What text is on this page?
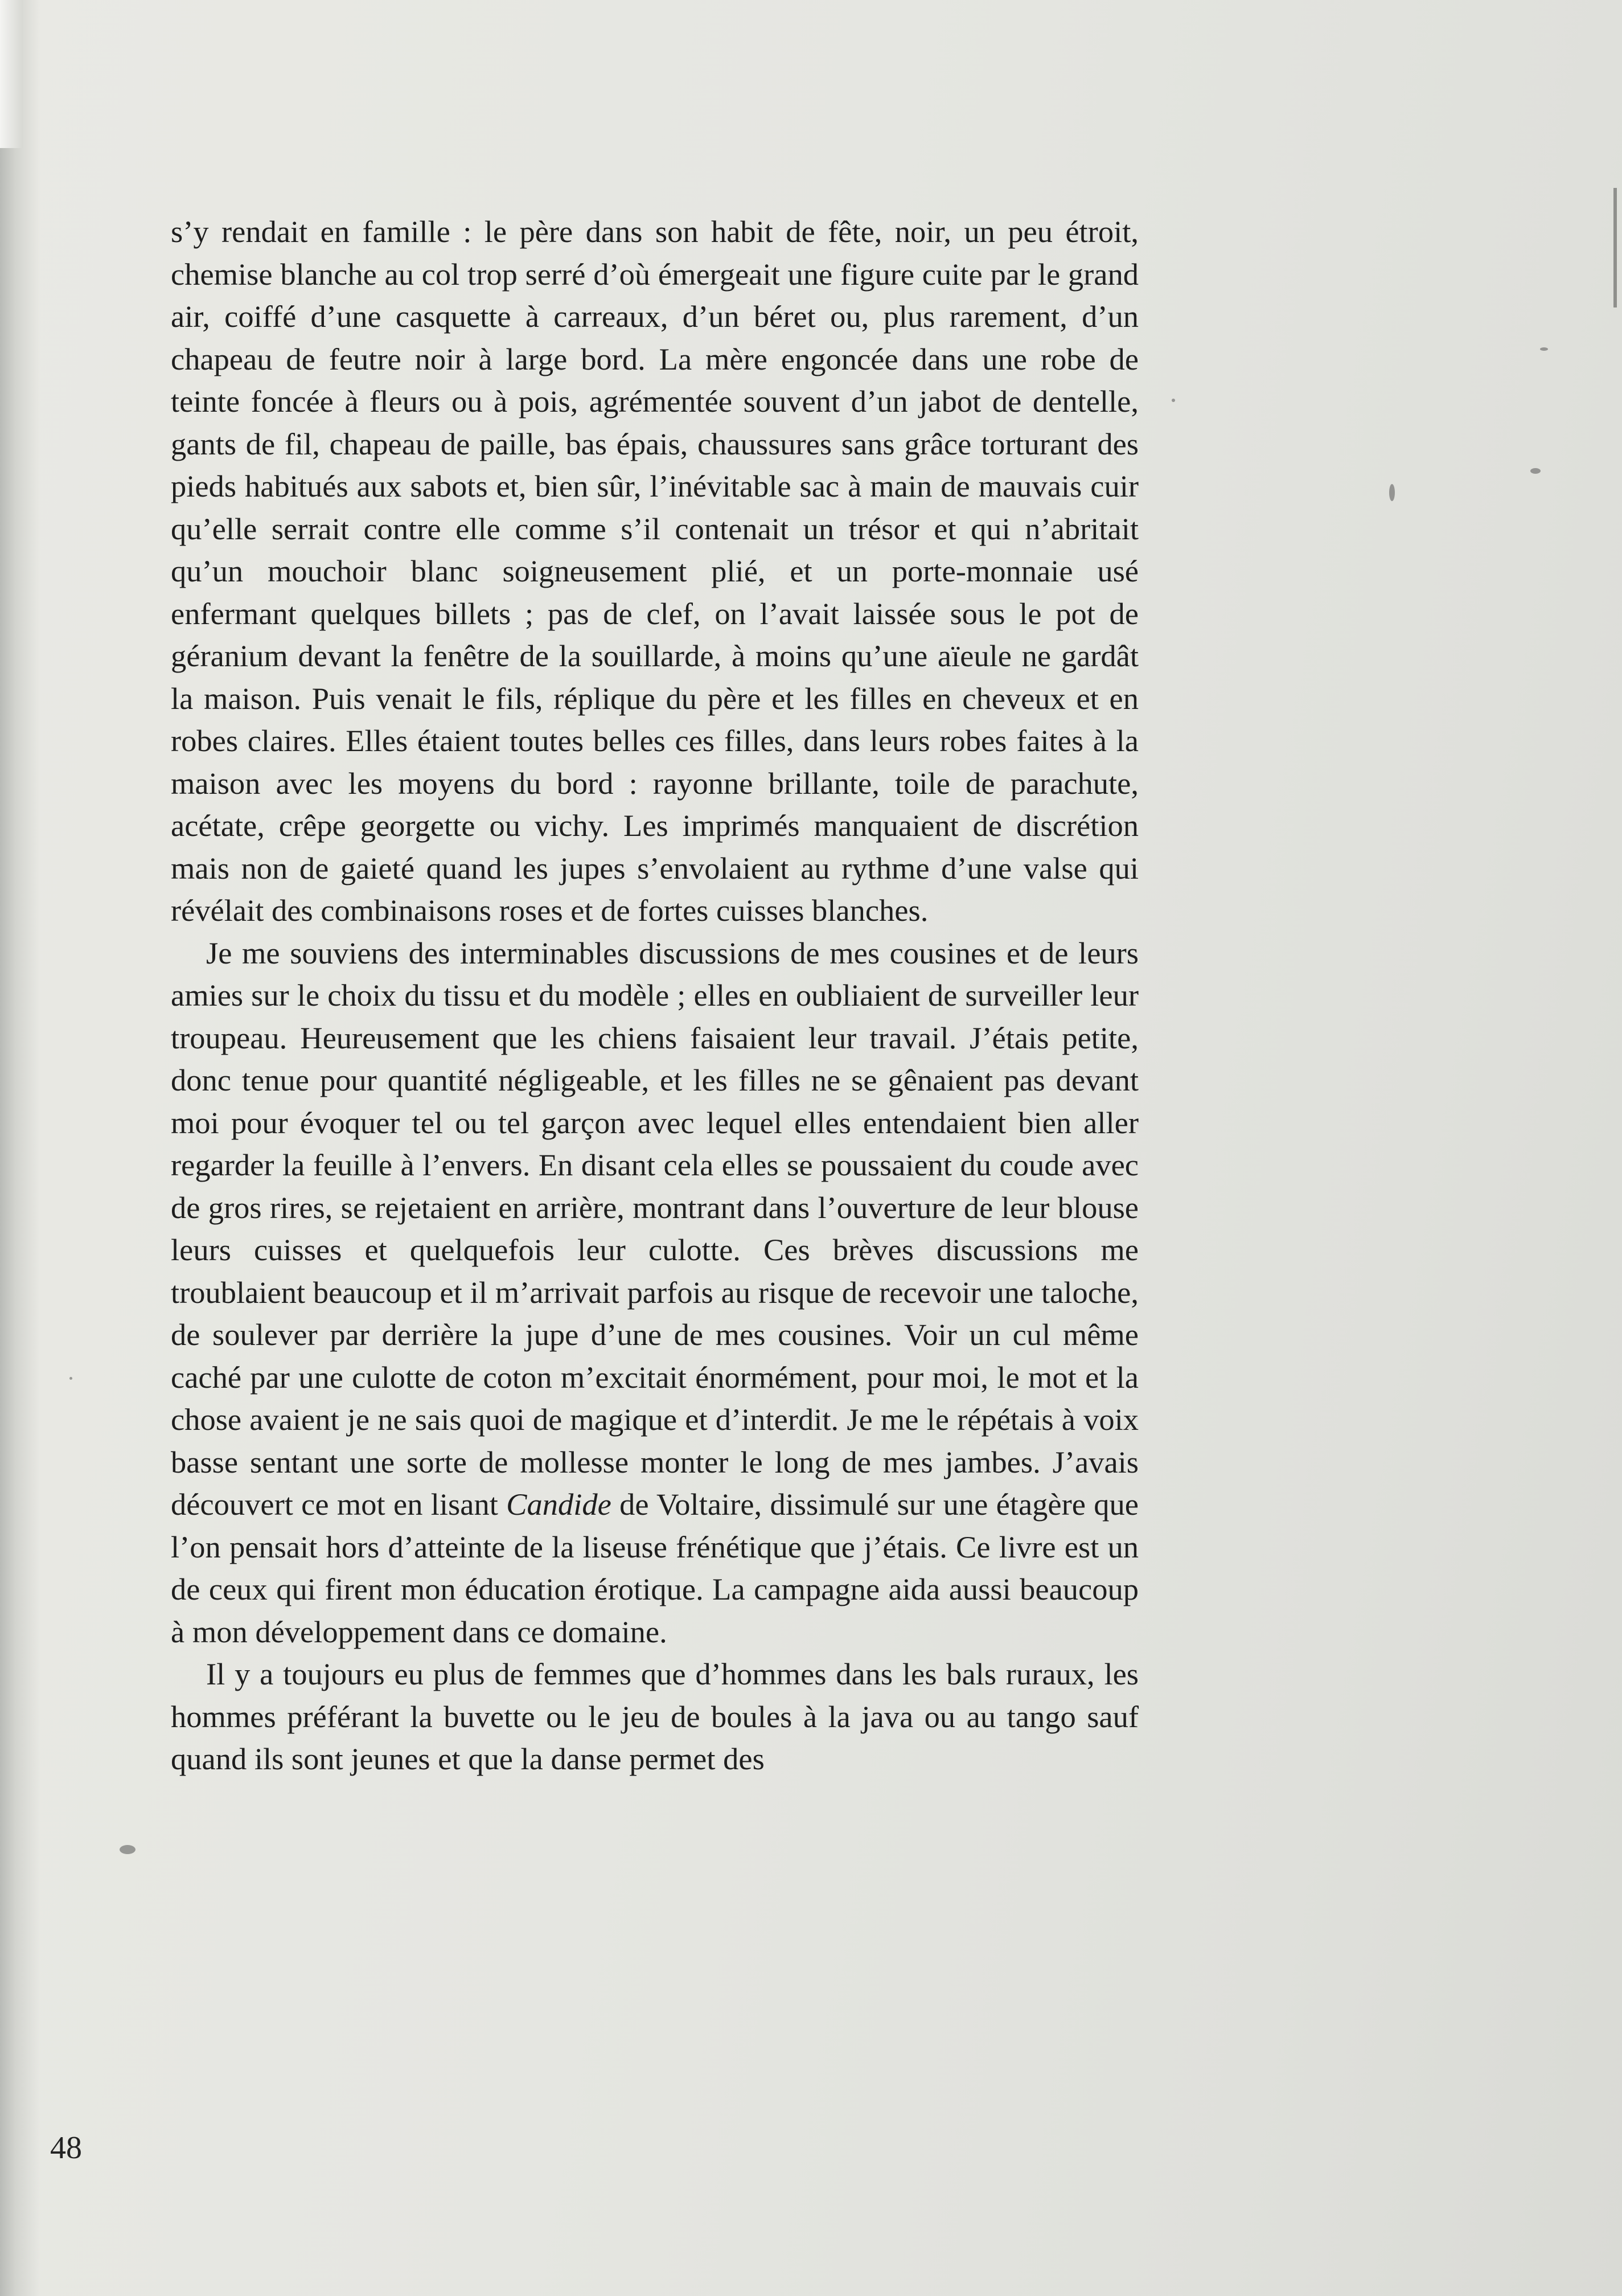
s’y rendait en famille : le père dans son habit de fête, noir, un peu étroit, chemise blanche au col trop serré d’où émergeait une figure cuite par le grand air, coiffé d’une casquette à carreaux, d’un béret ou, plus rarement, d’un chapeau de feutre noir à large bord. La mère engoncée dans une robe de teinte foncée à fleurs ou à pois, agrémentée souvent d’un jabot de dentelle, gants de fil, chapeau de paille, bas épais, chaussures sans grâce torturant des pieds habitués aux sabots et, bien sûr, l’inévitable sac à main de mauvais cuir qu’elle serrait contre elle comme s’il contenait un trésor et qui n’abritait qu’un mouchoir blanc soigneusement plié, et un porte-monnaie usé enfermant quelques billets ; pas de clef, on l’avait laissée sous le pot de géranium devant la fenêtre de la souillarde, à moins qu’une aïeule ne gardât la maison. Puis venait le fils, réplique du père et les filles en cheveux et en robes claires. Elles étaient toutes belles ces filles, dans leurs robes faites à la maison avec les moyens du bord : rayonne brillante, toile de parachute, acétate, crêpe georgette ou vichy. Les imprimés manquaient de discrétion mais non de gaieté quand les jupes s’envolaient au rythme d’une valse qui révélait des combinaisons roses et de fortes cuisses blanches.

Je me souviens des interminables discussions de mes cousines et de leurs amies sur le choix du tissu et du modèle ; elles en oubliaient de surveiller leur troupeau. Heureusement que les chiens faisaient leur travail. J’étais petite, donc tenue pour quantité négligeable, et les filles ne se gênaient pas devant moi pour évoquer tel ou tel garçon avec lequel elles entendaient bien aller regarder la feuille à l’envers. En disant cela elles se poussaient du coude avec de gros rires, se rejetaient en arrière, montrant dans l’ouverture de leur blouse leurs cuisses et quelquefois leur culotte. Ces brèves discussions me troublaient beaucoup et il m’arrivait parfois au risque de recevoir une taloche, de soulever par derrière la jupe d’une de mes cousines. Voir un cul même caché par une culotte de coton m’excitait énormément, pour moi, le mot et la chose avaient je ne sais quoi de magique et d’interdit. Je me le répétais à voix basse sentant une sorte de mollesse monter le long de mes jambes. J’avais découvert ce mot en lisant Candide de Voltaire, dissimulé sur une étagère que l’on pensait hors d’atteinte de la liseuse frénétique que j’étais. Ce livre est un de ceux qui firent mon éducation érotique. La campagne aida aussi beaucoup à mon développement dans ce domaine.

Il y a toujours eu plus de femmes que d’hommes dans les bals ruraux, les hommes préférant la buvette ou le jeu de boules à la java ou au tango sauf quand ils sont jeunes et que la danse permet des

48
